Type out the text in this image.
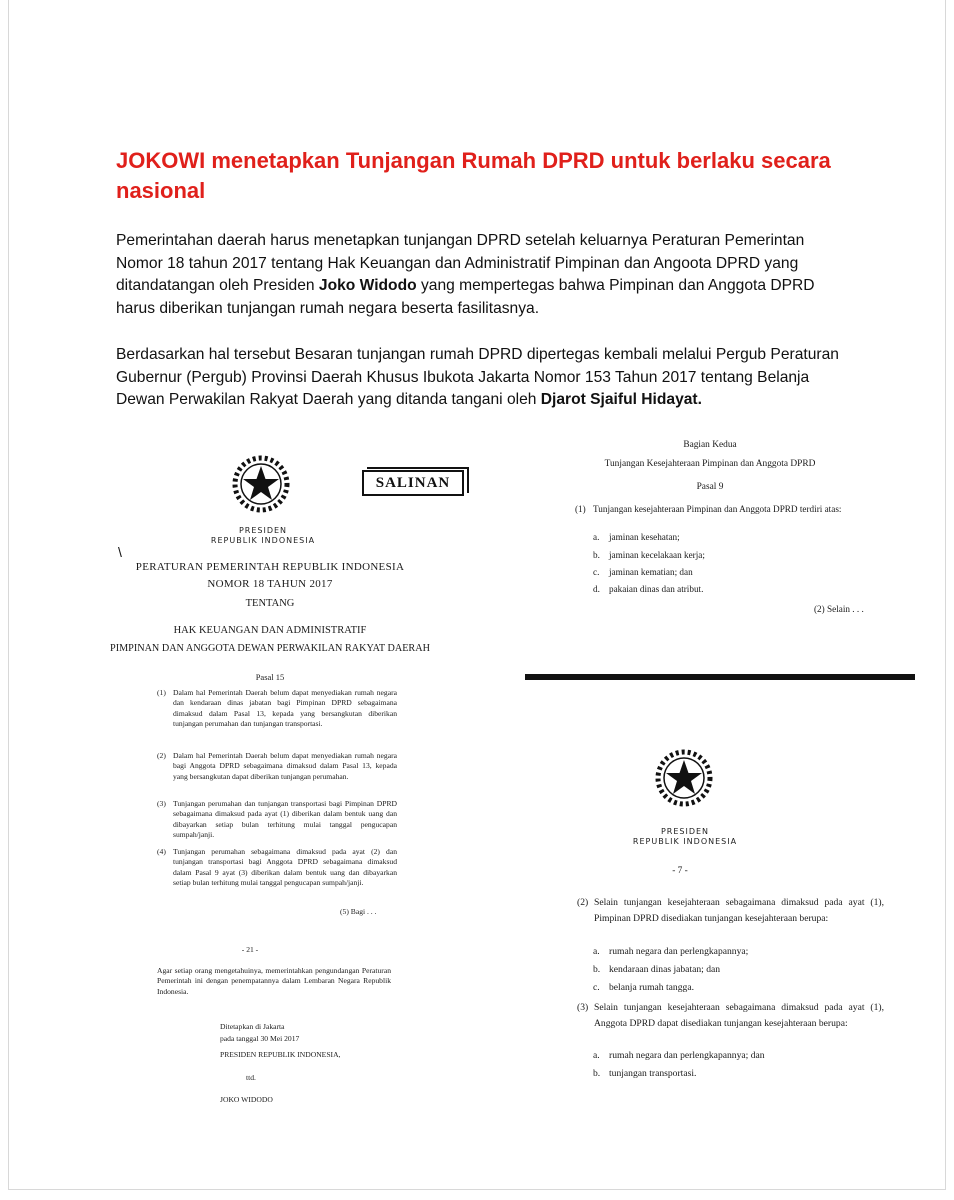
JOKOWI menetapkan Tunjangan Rumah DPRD untuk berlaku secara nasional
Pemerintahan daerah harus menetapkan tunjangan DPRD setelah keluarnya Peraturan Pemerintan Nomor 18 tahun 2017 tentang Hak Keuangan dan Administratif Pimpinan dan Angoota DPRD yang ditandatangan oleh Presiden Joko Widodo yang mempertegas bahwa Pimpinan dan Anggota DPRD harus diberikan tunjangan rumah negara beserta fasilitasnya.
Berdasarkan hal tersebut Besaran tunjangan rumah DPRD dipertegas kembali melalui Pergub Peraturan Gubernur (Pergub) Provinsi Daerah Khusus Ibukota Jakarta Nomor 153 Tahun 2017 tentang Belanja Dewan Perwakilan Rakyat Daerah yang ditanda tangani oleh Djarot Sjaiful Hidayat.
SALINAN
PRESIDEN
REPUBLIK INDONESIA
\
PERATURAN PEMERINTAH REPUBLIK INDONESIA
NOMOR 18 TAHUN 2017
TENTANG
HAK KEUANGAN DAN ADMINISTRATIF
PIMPINAN DAN ANGGOTA DEWAN PERWAKILAN RAKYAT DAERAH
Pasal 15
(1) Dalam hal Pemerintah Daerah belum dapat menyediakan rumah negara dan kendaraan dinas jabatan bagi Pimpinan DPRD sebagaimana dimaksud dalam Pasal 13, kepada yang bersangkutan diberikan tunjangan perumahan dan tunjangan transportasi.
(2) Dalam hal Pemerintah Daerah belum dapat menyediakan rumah negara bagi Anggota DPRD sebagaimana dimaksud dalam Pasal 13, kepada yang bersangkutan dapat diberikan tunjangan perumahan.
(3) Tunjangan perumahan dan tunjangan transportasi bagi Pimpinan DPRD sebagaimana dimaksud pada ayat (1) diberikan dalam bentuk uang dan dibayarkan setiap bulan terhitung mulai tanggal pengucapan sumpah/janji.
(4) Tunjangan perumahan sebagaimana dimaksud pada ayat (2) dan tunjangan transportasi bagi Anggota DPRD sebagaimana dimaksud dalam Pasal 9 ayat (3) diberikan dalam bentuk uang dan dibayarkan setiap bulan terhitung mulai tanggal pengucapan sumpah/janji.
(5) Bagi . . .
- 21 -
Agar setiap orang mengetahuinya, memerintahkan pengundangan Peraturan Pemerintah ini dengan penempatannya dalam Lembaran Negara Republik Indonesia.
Ditetapkan di Jakarta
pada tanggal 30 Mei 2017
PRESIDEN REPUBLIK INDONESIA,
ttd.
JOKO WIDODO
Bagian Kedua
Tunjangan Kesejahteraan Pimpinan dan Anggota DPRD
Pasal 9
(1) Tunjangan kesejahteraan Pimpinan dan Anggota DPRD terdiri atas:
a. jaminan kesehatan;
b. jaminan kecelakaan kerja;
c. jaminan kematian; dan
d. pakaian dinas dan atribut.
(2) Selain . . .
PRESIDEN
REPUBLIK INDONESIA
- 7 -
(2) Selain tunjangan kesejahteraan sebagaimana dimaksud pada ayat (1), Pimpinan DPRD disediakan tunjangan kesejahteraan berupa:
a. rumah negara dan perlengkapannya;
b. kendaraan dinas jabatan; dan
c. belanja rumah tangga.
(3) Selain tunjangan kesejahteraan sebagaimana dimaksud pada ayat (1), Anggota DPRD dapat disediakan tunjangan kesejahteraan berupa:
a. rumah negara dan perlengkapannya; dan
b. tunjangan transportasi.
